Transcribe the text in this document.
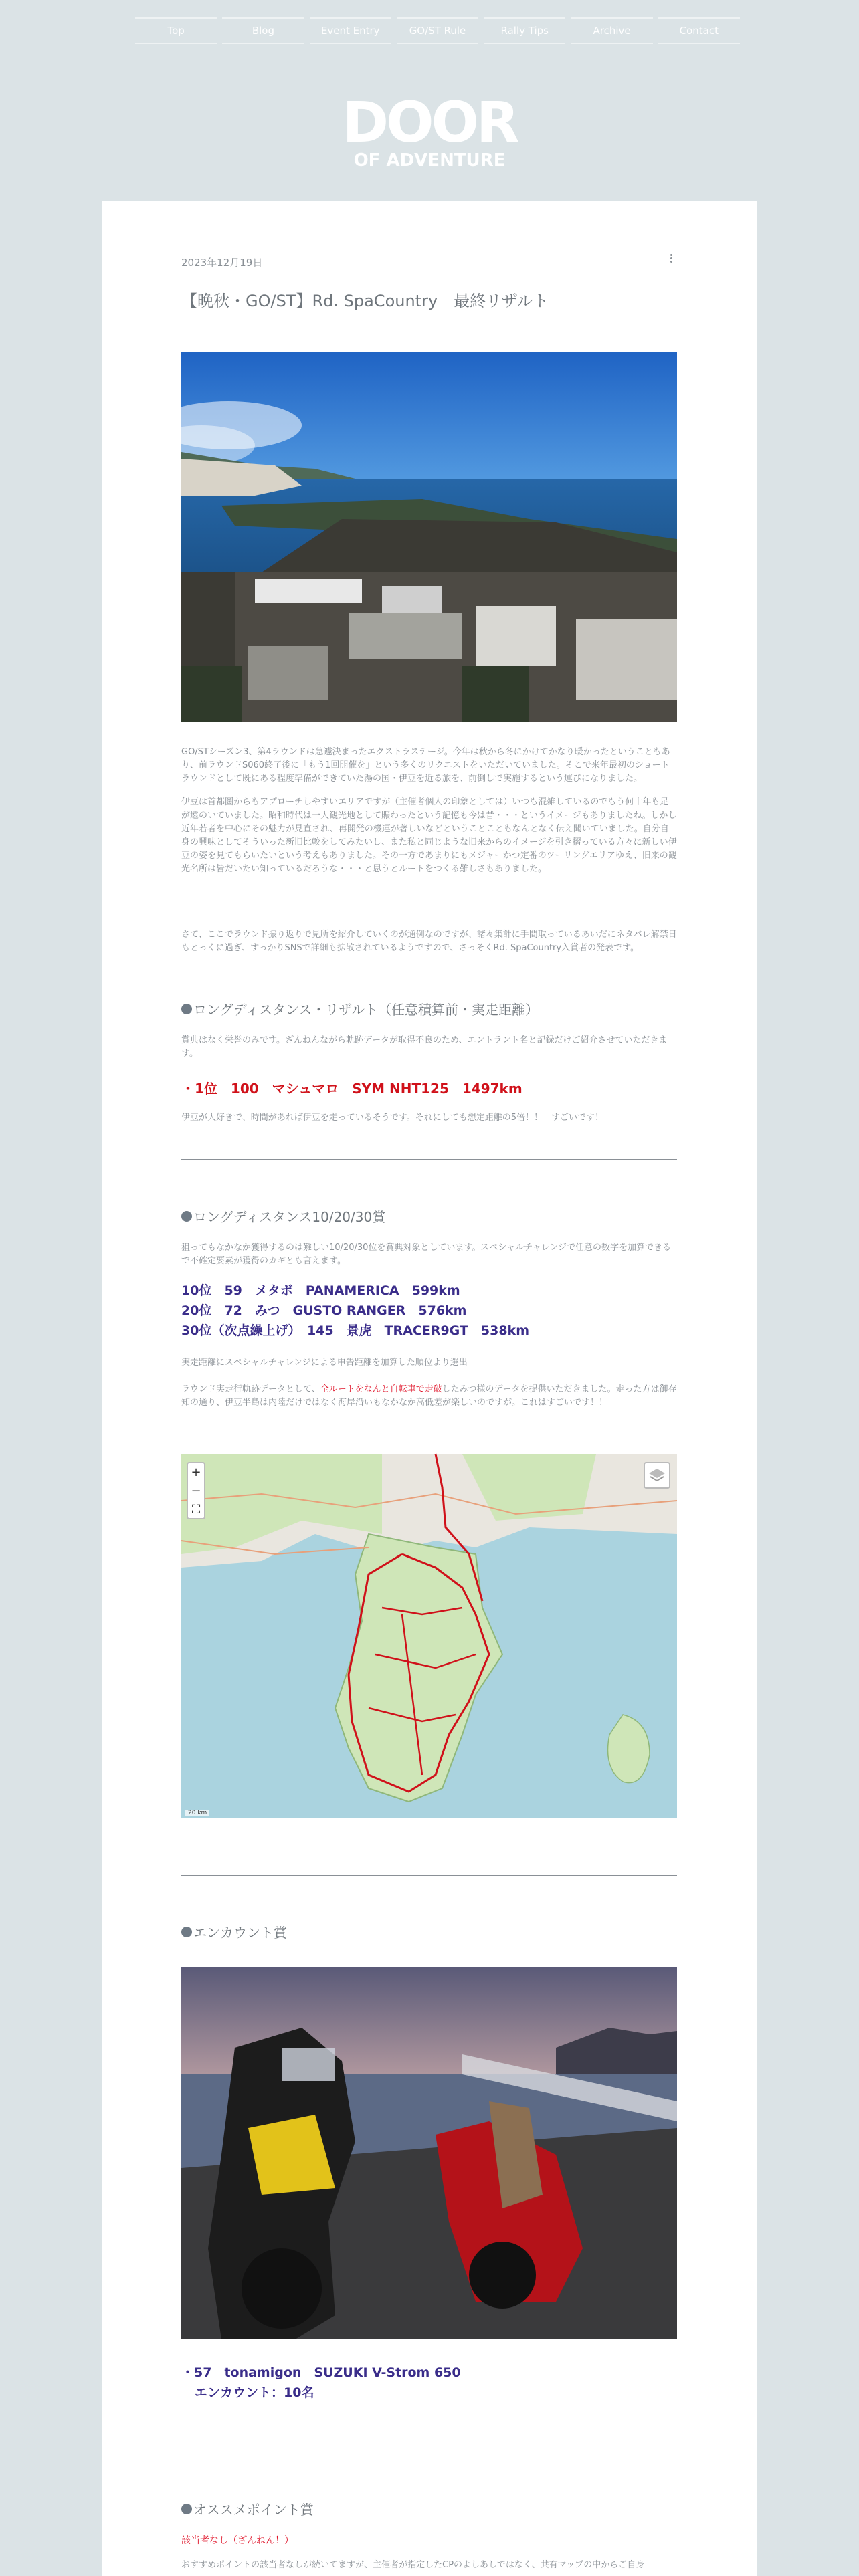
Top	Blog	Event Entry	GO/ST Rule	Rally Tips	Archive	Contact
DOOR
OF ADVENTURE
2023年12月19日
【晩秋・GO/ST】Rd. SpaCountry　最終リザルト
GO/STシーズン3、第4ラウンドは急遽決まったエクストラステージ。今年は秋から冬にかけてかなり暖かったということもあり、前ラウンドS060終了後に「もう1回開催を」という多くのリクエストをいただいていました。そこで来年最初のショートラウンドとして既にある程度準備ができていた湯の国・伊豆を近る旅を、前倒しで実施するという運びになりました。
伊豆は首都圏からもアプローチしやすいエリアですが（主催者個人の印象としては）いつも混雑しているのでもう何十年も足が遠のいていました。昭和時代は一大観光地として賑わったという記憶も今は昔・・・というイメージもありましたね。しかし近年若者を中心にその魅力が見直され、再開発の機運が著しいなどということこともなんとなく伝え聞いていました。自分自身の興味としてそういった新旧比較をしてみたいし、また私と同じような旧来からのイメージを引き摺っている方々に新しい伊豆の姿を見てもらいたいという考えもありました。その一方であまりにもメジャーかつ定番のツーリングエリアゆえ、旧来の観光名所は皆だいたい知っているだろうな・・・と思うとルートをつくる難しさもありました。
さて、ここでラウンド振り返りで見所を紹介していくのが通例なのですが、諸々集計に手間取っているあいだにネタバレ解禁日もとっくに過ぎ、すっかりSNSで詳細も拡散されているようですので、さっそくRd. SpaCountry入賞者の発表です。
ロングディスタンス・リザルト（任意積算前・実走距離）
賞典はなく栄誉のみです。ざんねんながら軌跡データが取得不良のため、エントラント名と記録だけご紹介させていただきます。
・1位　100　マシュマロ　SYM NHT125　1497km
伊豆が大好きで、時間があれば伊豆を走っているそうです。それにしても想定距離の5倍！！　すごいです！
ロングディスタンス10/20/30賞
狙ってもなかなか獲得するのは難しい10/20/30位を賞典対象としています。スペシャルチャレンジで任意の数字を加算できるで不確定要素が獲得のカギとも言えます。
10位　59　メタボ　PANAMERICA　599km
20位　72　みつ　GUSTO RANGER　576km
30位（次点繰上げ）　145　景虎　TRACER9GT　538km
実走距離にスペシャルチャレンジによる申告距離を加算した順位より選出
ラウンド実走行軌跡データとして、全ルートをなんと自転車で走破したみつ様のデータを提供いただきました。走った方は御存知の通り、伊豆半島は内陸だけではなく海岸沿いもなかなか高低差が楽しいのですが。これはすごいです！！
+
−
⛶
20 km
エンカウント賞
・57　tonamigon　SUZUKI V-Strom 650
エンカウント：10名
オススメポイント賞
該当者なし（ざんねん！）
おすすめポイントの該当者なしが続いてますが、主催者が指定したCPのよしあしではなく、共有マップの中からご自身
